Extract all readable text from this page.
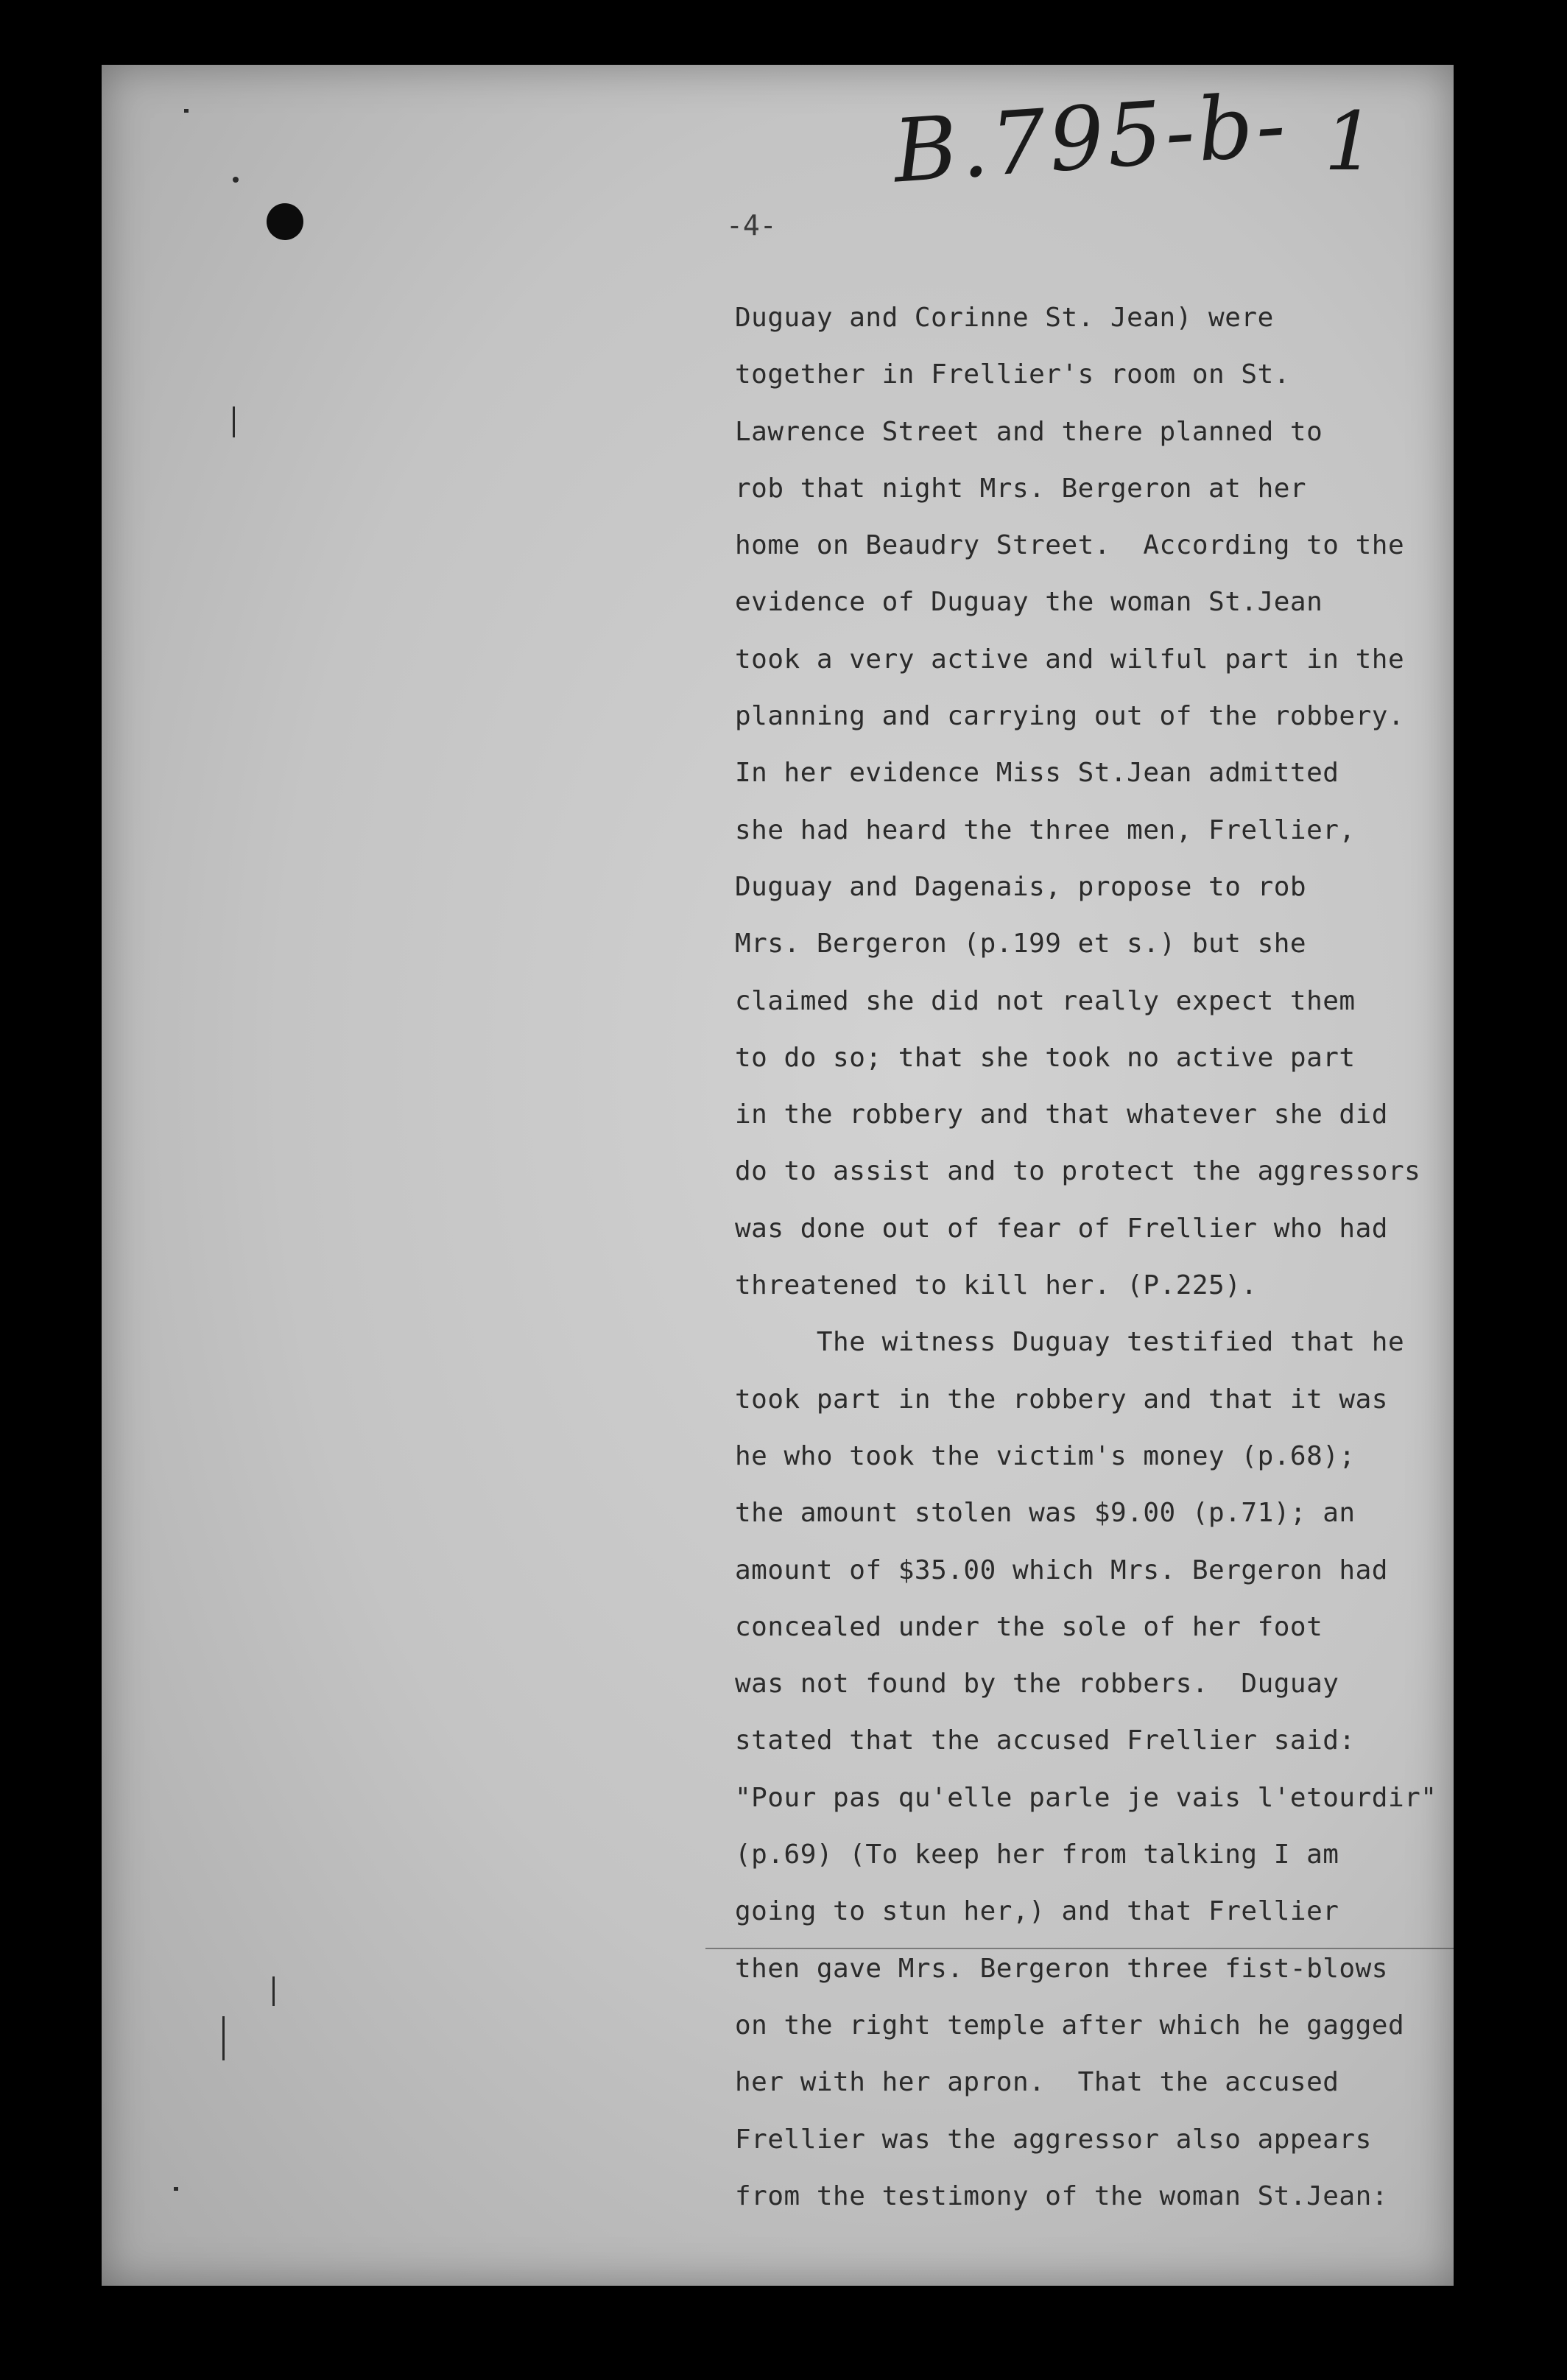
B.795-b- 1
-4-
Duguay and Corinne St. Jean) were
together in Frellier's room on St.
Lawrence Street and there planned to
rob that night Mrs. Bergeron at her
home on Beaudry Street.  According to the
evidence of Duguay the woman St.Jean
took a very active and wilful part in the
planning and carrying out of the robbery.
In her evidence Miss St.Jean admitted
she had heard the three men, Frellier,
Duguay and Dagenais, propose to rob
Mrs. Bergeron (p.199 et s.) but she
claimed she did not really expect them
to do so; that she took no active part
in the robbery and that whatever she did
do to assist and to protect the aggressors
was done out of fear of Frellier who had
threatened to kill her. (P.225).
The witness Duguay testified that he
took part in the robbery and that it was
he who took the victim's money (p.68);
the amount stolen was $9.00 (p.71); an
amount of $35.00 which Mrs. Bergeron had
concealed under the sole of her foot
was not found by the robbers.  Duguay
stated that the accused Frellier said:
"Pour pas qu'elle parle je vais l'etourdir"
(p.69) (To keep her from talking I am
going to stun her,) and that Frellier
then gave Mrs. Bergeron three fist-blows
on the right temple after which he gagged
her with her apron.  That the accused
Frellier was the aggressor also appears
from the testimony of the woman St.Jean:
